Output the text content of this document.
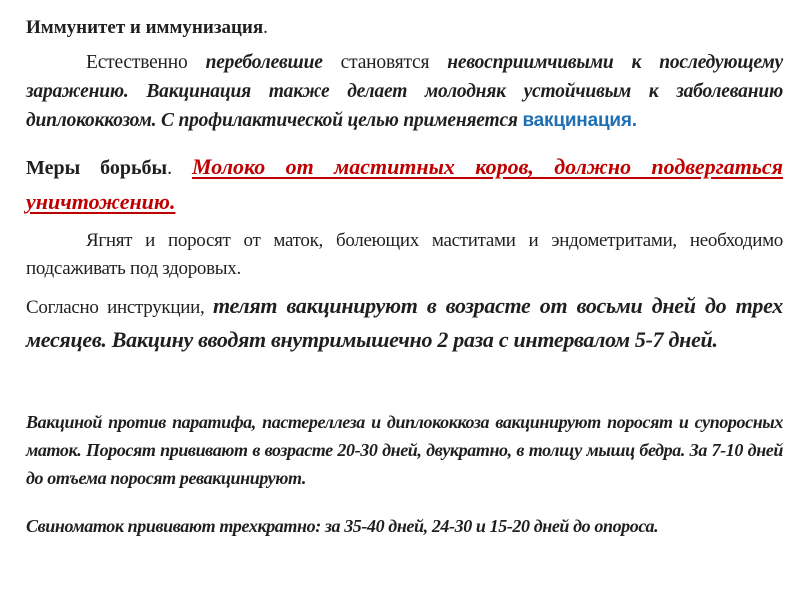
Иммунитет и иммунизация.

Естественно переболевшие становятся невосприимчивыми к последующему заражению. Вакцинация также делает молодняк устойчивым к заболеванию диплококкозом. С профилактической целью применяется вакцинация.

Меры борьбы. Молоко от маститных коров, должно подвергаться уничтожению.

Ягнят и поросят от маток, болеющих маститами и эндометритами, необходимо подсаживать под здоровых.

Согласно инструкции, телят вакцинируют в возрасте от восьми дней до трех месяцев. Вакцину вводят внутримышечно 2 раза с интервалом 5-7 дней.

Вакциной против паратифа, пастереллеза и диплококкоза вакцинируют поросят и супоросных маток. Поросят прививают в возрасте 20-30 дней, двукратно, в толщу мышц бедра. За 7-10 дней до отъема поросят ревакцинируют.

Свиноматок прививают трехкратно: за 35-40 дней, 24-30 и 15-20 дней до опороса.
